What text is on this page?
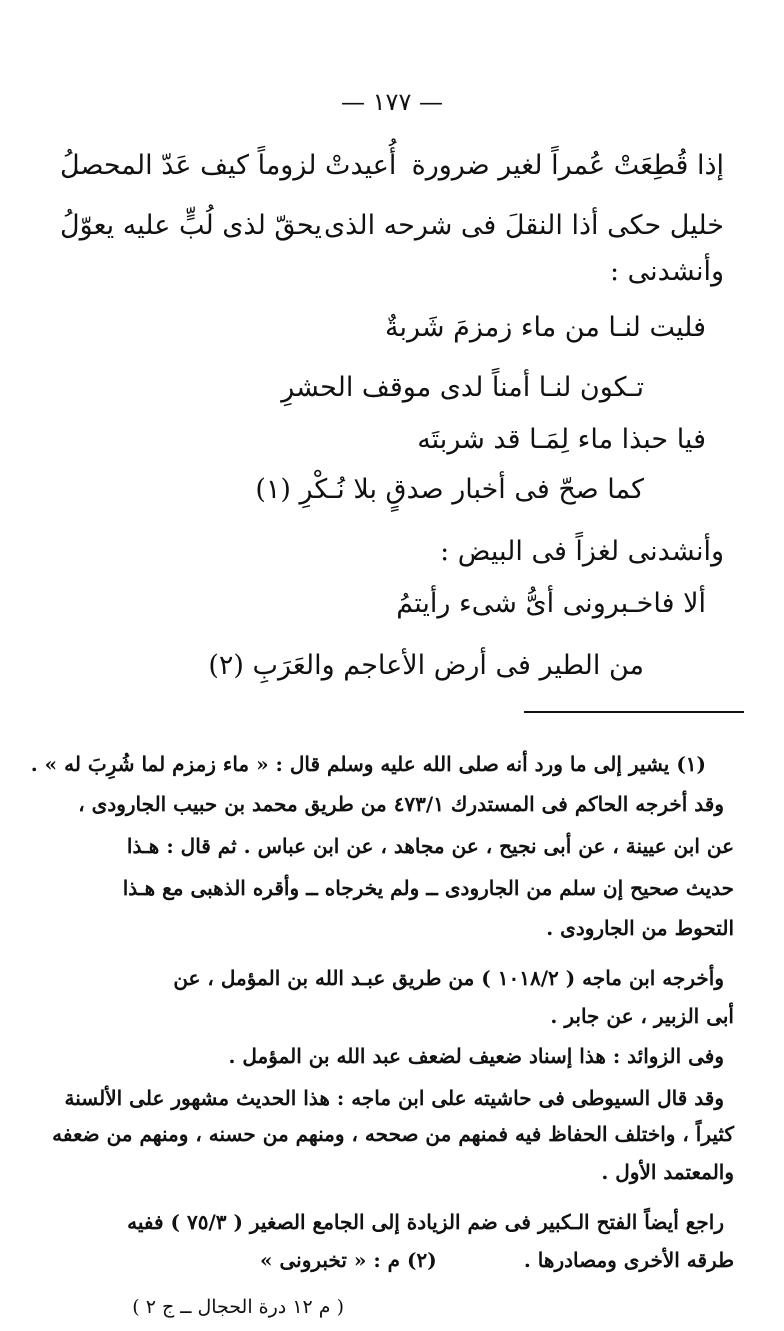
— ١٧٧ —
إذا قُطِعَتْ عُمراً لغير ضرورة
أُعيدتْ لزوماً كيف عَدّ المحصلُ
خليل حكى أذا النقلَ فى شرحه الذى
يحقّ لذى لُبٍّ عليه يعوّلُ
وأنشدنى :
فليت لنـا من ماء زمزمَ شَربةٌ
تـكون لنـا أمناً لدى موقف الحشرِ
فيا حبذا ماء لِمَـا قد شربتَه
كما صحّ فى أخبار صدقٍ بلا نُـكْرِ (١)
وأنشدنى لغزاً فى البيض :
ألا فاخـبرونى أىُّ شىء رأيتمُ
من الطير فى أرض الأعاجم والعَرَبِ (٢)
(١) يشير إلى ما ورد أنه صلى الله عليه وسلم قال : « ماء زمزم لما شُرِبَ له » .
وقد أخرجه الحاكم فى المستدرك ٤٧٣/١ من طريق محمد بن حبيب الجارودى ،
عن ابن عيينة ، عن أبى نجيح ، عن مجاهد ، عن ابن عباس . ثم قال : هـذا
حديث صحيح إن سلم من الجارودى ــ ولم يخرجاه ــ وأقره الذهبى مع هـذا
التحوط من الجارودى .
وأخرجه ابن ماجه ( ١٠١٨/٢ ) من طريق عبـد الله بن المؤمل ، عن
أبى الزبير ، عن جابر .
وفى الزوائد : هذا إسناد ضعيف لضعف عبد الله بن المؤمل .
وقد قال السيوطى فى حاشيته على ابن ماجه : هذا الحديث مشهور على الألسنة
كثيراً ، واختلف الحفاظ فيه فمنهم من صححه ، ومنهم من حسنه ، ومنهم من ضعفه
والمعتمد الأول .
راجع أيضاً الفتح الـكبير فى ضم الزيادة إلى الجامع الصغير ( ٧٥/٣ ) ففيه
طرقه الأخرى ومصادرها .
(٢) م : « تخبرونى »
( م ١٢ درة الحجال ــ ج ٢ )
